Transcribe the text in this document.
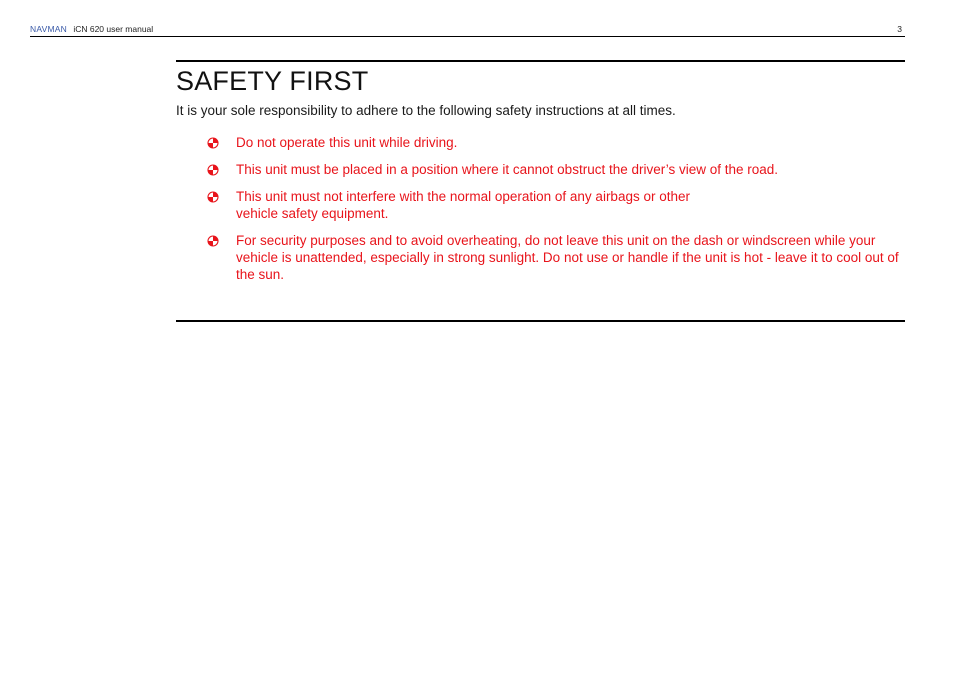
NAVMAN iCN 620 user manual	3
SAFETY FIRST

It is your sole responsibility to adhere to the following safety instructions at all times.

Do not operate this unit while driving.
This unit must be placed in a position where it cannot obstruct the driver’s view of the road.
This unit must not interfere with the normal operation of any airbags or other
vehicle safety equipment.
For security purposes and to avoid overheating, do not leave this unit on the dash or windscreen while your vehicle is unattended, especially in strong sunlight. Do not use or handle if the unit is hot - leave it to cool out of the sun.
